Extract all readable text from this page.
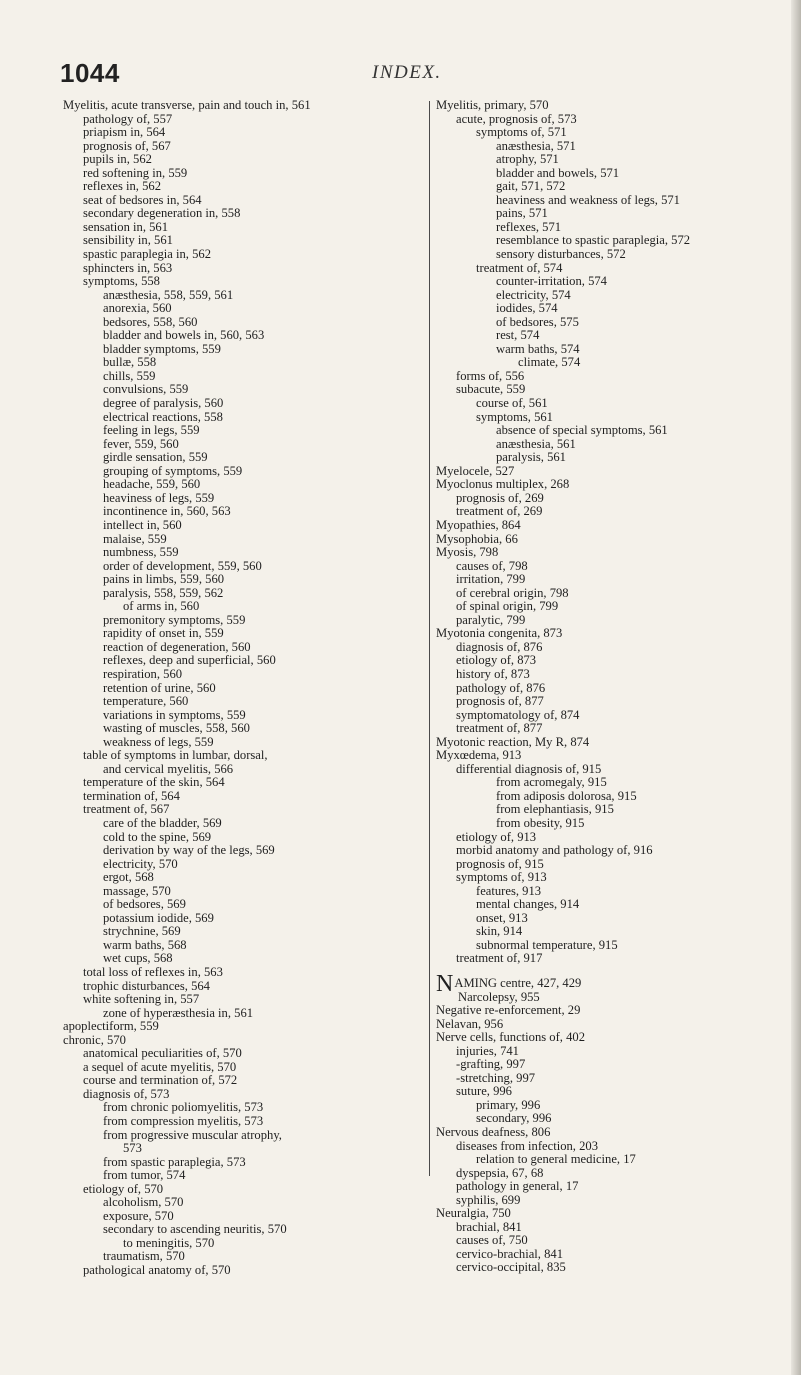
1044	INDEX.
Myelitis, acute transverse, pain and touch in, 561
pathology of, 557
priapism in, 564
prognosis of, 567
pupils in, 562
red softening in, 559
reflexes in, 562
seat of bedsores in, 564
secondary degeneration in, 558
sensation in, 561
sensibility in, 561
spastic paraplegia in, 562
sphincters in, 563
symptoms, 558
anæsthesia, 558, 559, 561
anorexia, 560
bedsores, 558, 560
bladder and bowels in, 560, 563
bladder symptoms, 559
bullæ, 558
chills, 559
convulsions, 559
degree of paralysis, 560
electrical reactions, 558
feeling in legs, 559
fever, 559, 560
girdle sensation, 559
grouping of symptoms, 559
headache, 559, 560
heaviness of legs, 559
incontinence in, 560, 563
intellect in, 560
malaise, 559
numbness, 559
order of development, 559, 560
pains in limbs, 559, 560
paralysis, 558, 559, 562
of arms in, 560
premonitory symptoms, 559
rapidity of onset in, 559
reaction of degeneration, 560
reflexes, deep and superficial, 560
respiration, 560
retention of urine, 560
temperature, 560
variations in symptoms, 559
wasting of muscles, 558, 560
weakness of legs, 559
table of symptoms in lumbar, dorsal,
and cervical myelitis, 566
temperature of the skin, 564
termination of, 564
treatment of, 567
care of the bladder, 569
cold to the spine, 569
derivation by way of the legs, 569
electricity, 570
ergot, 568
massage, 570
of bedsores, 569
potassium iodide, 569
strychnine, 569
warm baths, 568
wet cups, 568
total loss of reflexes in, 563
trophic disturbances, 564
white softening in, 557
zone of hyperæsthesia in, 561
apoplectiform, 559
chronic, 570
anatomical peculiarities of, 570
a sequel of acute myelitis, 570
course and termination of, 572
diagnosis of, 573
from chronic poliomyelitis, 573
from compression myelitis, 573
from progressive muscular atrophy,
573
from spastic paraplegia, 573
from tumor, 574
etiology of, 570
alcoholism, 570
exposure, 570
secondary to ascending neuritis, 570
to meningitis, 570
traumatism, 570
pathological anatomy of, 570
Myelitis, primary, 570
acute, prognosis of, 573
symptoms of, 571
anæsthesia, 571
atrophy, 571
bladder and bowels, 571
gait, 571, 572
heaviness and weakness of legs, 571
pains, 571
reflexes, 571
resemblance to spastic paraplegia, 572
sensory disturbances, 572
treatment of, 574
counter-irritation, 574
electricity, 574
iodides, 574
of bedsores, 575
rest, 574
warm baths, 574
climate, 574
forms of, 556
subacute, 559
course of, 561
symptoms, 561
absence of special symptoms, 561
anæsthesia, 561
paralysis, 561
Myelocele, 527
Myoclonus multiplex, 268
prognosis of, 269
treatment of, 269
Myopathies, 864
Mysophobia, 66
Myosis, 798
causes of, 798
irritation, 799
of cerebral origin, 798
of spinal origin, 799
paralytic, 799
Myotonia congenita, 873
diagnosis of, 876
etiology of, 873
history of, 873
pathology of, 876
prognosis of, 877
symptomatology of, 874
treatment of, 877
Myotonic reaction, My R, 874
Myxœdema, 913
differential diagnosis of, 915
from acromegaly, 915
from adiposis dolorosa, 915
from elephantiasis, 915
from obesity, 915
etiology of, 913
morbid anatomy and pathology of, 916
prognosis of, 915
symptoms of, 913
features, 913
mental changes, 914
onset, 913
skin, 914
subnormal temperature, 915
treatment of, 917
NAMING centre, 427, 429
Narcolepsy, 955
Negative re-enforcement, 29
Nelavan, 956
Nerve cells, functions of, 402
injuries, 741
-grafting, 997
-stretching, 997
suture, 996
primary, 996
secondary, 996
Nervous deafness, 806
diseases from infection, 203
relation to general medicine, 17
dyspepsia, 67, 68
pathology in general, 17
syphilis, 699
Neuralgia, 750
brachial, 841
causes of, 750
cervico-brachial, 841
cervico-occipital, 835
